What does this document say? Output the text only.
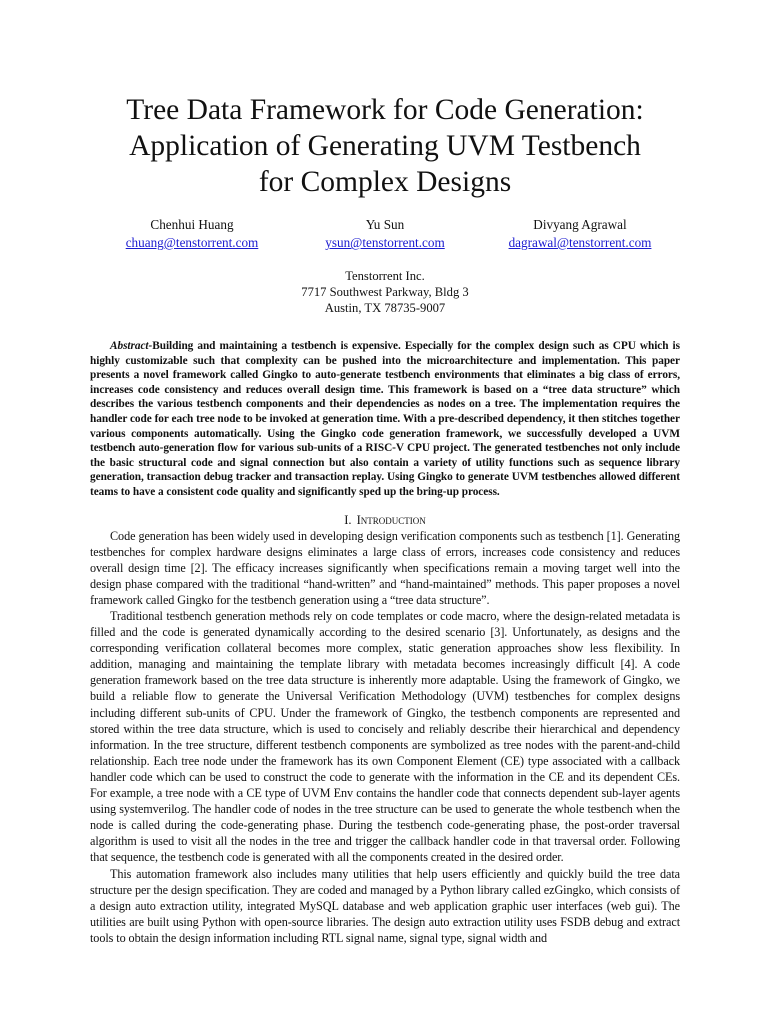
Tree Data Framework for Code Generation:
Application of Generating UVM Testbench
for Complex Designs
Chenhui Huang
chuang@tenstorrent.com
Yu Sun
ysun@tenstorrent.com
Divyang Agrawal
dagrawal@tenstorrent.com
Tenstorrent Inc.
7717 Southwest Parkway, Bldg 3
Austin, TX 78735-9007

Abstract-Building and maintaining a testbench is expensive. Especially for the complex design such as CPU which is highly customizable such that complexity can be pushed into the microarchitecture and implementation. This paper presents a novel framework called Gingko to auto-generate testbench environments that eliminates a big class of errors, increases code consistency and reduces overall design time. This framework is based on a “tree data structure” which describes the various testbench components and their dependencies as nodes on a tree. The implementation requires the handler code for each tree node to be invoked at generation time. With a pre-described dependency, it then stitches together various components automatically. Using the Gingko code generation framework, we successfully developed a UVM testbench auto-generation flow for various sub-units of a RISC-V CPU project. The generated testbenches not only include the basic structural code and signal connection but also contain a variety of utility functions such as sequence library generation, transaction debug tracker and transaction replay. Using Gingko to generate UVM testbenches allowed different teams to have a consistent code quality and significantly sped up the bring-up process.

I. Introduction

Code generation has been widely used in developing design verification components such as testbench [1]. Generating testbenches for complex hardware designs eliminates a large class of errors, increases code consistency and reduces overall design time [2]. The efficacy increases significantly when specifications remain a moving target well into the design phase compared with the traditional “hand-written” and “hand-maintained” methods. This paper proposes a novel framework called Gingko for the testbench generation using a “tree data structure”.

Traditional testbench generation methods rely on code templates or code macro, where the design-related metadata is filled and the code is generated dynamically according to the desired scenario [3]. Unfortunately, as designs and the corresponding verification collateral becomes more complex, static generation approaches show less flexibility. In addition, managing and maintaining the template library with metadata becomes increasingly difficult [4]. A code generation framework based on the tree data structure is inherently more adaptable. Using the framework of Gingko, we build a reliable flow to generate the Universal Verification Methodology (UVM) testbenches for complex designs including different sub-units of CPU. Under the framework of Gingko, the testbench components are represented and stored within the tree data structure, which is used to concisely and reliably describe their hierarchical and dependency information. In the tree structure, different testbench components are symbolized as tree nodes with the parent-and-child relationship. Each tree node under the framework has its own Component Element (CE) type associated with a callback handler code which can be used to construct the code to generate with the information in the CE and its dependent CEs. For example, a tree node with a CE type of UVM Env contains the handler code that connects dependent sub-layer agents using systemverilog. The handler code of nodes in the tree structure can be used to generate the whole testbench when the node is called during the code-generating phase. During the testbench code-generating phase, the post-order traversal algorithm is used to visit all the nodes in the tree and trigger the callback handler code in that traversal order. Following that sequence, the testbench code is generated with all the components created in the desired order.

This automation framework also includes many utilities that help users efficiently and quickly build the tree data structure per the design specification. They are coded and managed by a Python library called ezGingko, which consists of a design auto extraction utility, integrated MySQL database and web application graphic user interfaces (web gui). The utilities are built using Python with open-source libraries. The design auto extraction utility uses FSDB debug and extract tools to obtain the design information including RTL signal name, signal type, signal width and
